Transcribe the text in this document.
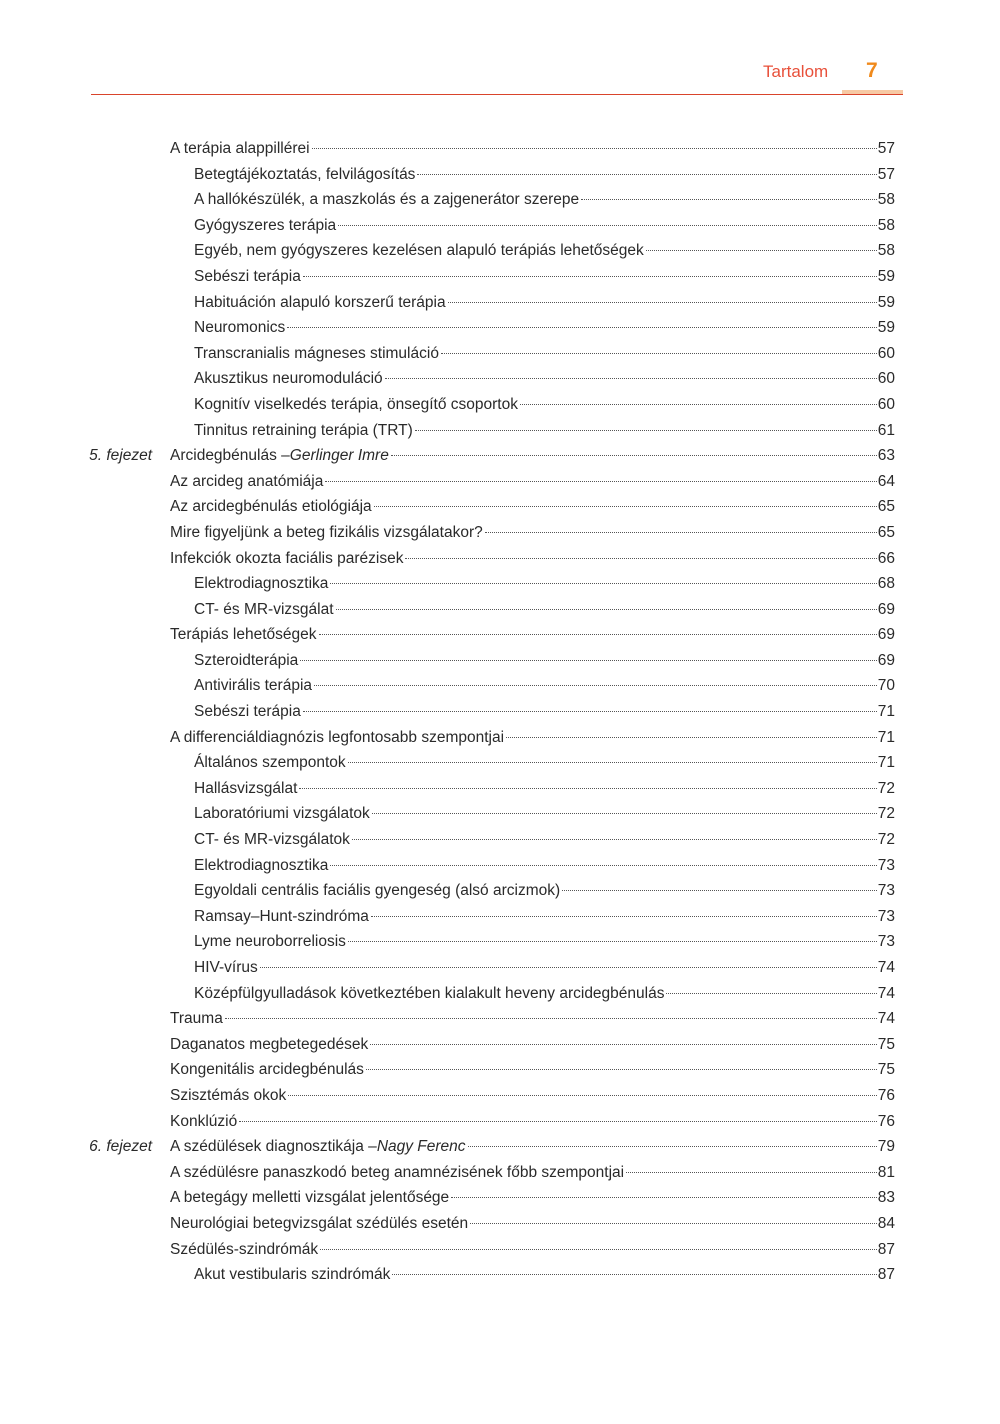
Tartalom 7
A terápia alappillérei	57
Betegtájékoztatás, felvilágosítás	57
A hallókészülék, a maszkolás és a zajgenerátor szerepe	58
Gyógyszeres terápia	58
Egyéb, nem gyógyszeres kezelésen alapuló terápiás lehetőségek	58
Sebészi terápia	59
Habituáción alapuló korszerű terápia	59
Neuromonics	59
Transcranialis mágneses stimuláció	60
Akusztikus neuromoduláció	60
Kognitív viselkedés terápia, önsegítő csoportok	60
Tinnitus retraining terápia (TRT)	61
5. fejezet Arcidegbénulás – Gerlinger Imre	63
Az arcideg anatómiája	64
Az arcidegbénulás etiológiája	65
Mire figyeljünk a beteg fizikális vizsgálatakor?	65
Infekciók okozta faciális parézisek	66
Elektrodiagnosztika	68
CT- és MR-vizsgálat	69
Terápiás lehetőségek	69
Szteroidterápia	69
Antivirális terápia	70
Sebészi terápia	71
A differenciáldiagnózis legfontosabb szempontjai	71
Általános szempontok	71
Hallásvizsgálat	72
Laboratóriumi vizsgálatok	72
CT- és MR-vizsgálatok	72
Elektrodiagnosztika	73
Egyoldali centrális faciális gyengeség (alsó arcizmok)	73
Ramsay–Hunt-szindróma	73
Lyme neuroborreliosis	73
HIV-vírus	74
Középfülgyulladások következtében kialakult heveny arcidegbénulás	74
Trauma	74
Daganatos megbetegedések	75
Kongenitális arcidegbénulás	75
Szisztémás okok	76
Konklúzió	76
6. fejezet A szédülések diagnosztikája – Nagy Ferenc	79
A szédülésre panaszkodó beteg anamnézisének főbb szempontjai	81
A betegágy melletti vizsgálat jelentősége	83
Neurológiai betegvizsgálat szédülés esetén	84
Szédülés-szindrómák	87
Akut vestibularis szindrómák	87
